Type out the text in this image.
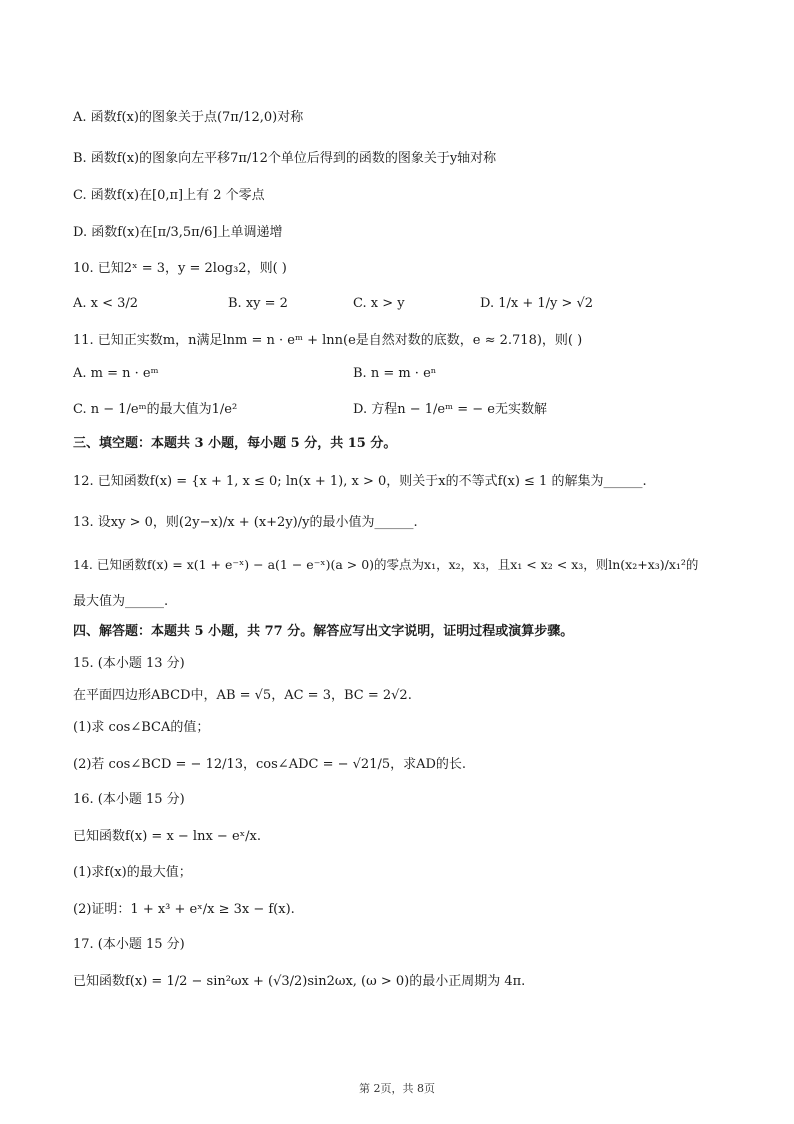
A. 函数f(x)的图象关于点(7π/12,0)对称
B. 函数f(x)的图象向左平移7π/12个单位后得到的函数的图象关于y轴对称
C. 函数f(x)在[0,π]上有 2 个零点
D. 函数f(x)在[π/3,5π/6]上单调递增
10. 已知2ˣ = 3，y = 2log₃2，则( )
A. x < 3/2	B. xy = 2	C. x > y	D. 1/x + 1/y > √2
11. 已知正实数m，n满足lnm = n · eᵐ + lnn(e是自然对数的底数，e ≈ 2.718)，则( )
A. m = n · eᵐ	B. n = m · eⁿ
C. n − 1/eᵐ的最大值为1/e²	D. 方程n − 1/eᵐ = − e无实数解
三、填空题：本题共 3 小题，每小题 5 分，共 15 分。
12. 已知函数f(x) = {x + 1, x ≤ 0; ln(x + 1), x > 0，则关于x的不等式f(x) ≤ 1 的解集为______.
13. 设xy > 0，则(2y−x)/x + (x+2y)/y的最小值为______.
14. 已知函数f(x) = x(1 + e⁻ˣ) − a(1 − e⁻ˣ)(a > 0)的零点为x₁，x₂，x₃，且x₁ < x₂ < x₃，则ln(x₂+x₃)/x₁²的
最大值为______.
四、解答题：本题共 5 小题，共 77 分。解答应写出文字说明，证明过程或演算步骤。
15. (本小题 13 分)
在平面四边形ABCD中，AB = √5，AC = 3，BC = 2√2.
(1)求 cos∠BCA的值；
(2)若 cos∠BCD = − 12/13，cos∠ADC = − √21/5，求AD的长.
16. (本小题 15 分)
已知函数f(x) = x − lnx − eˣ/x.
(1)求f(x)的最大值；
(2)证明：1 + x³ + eˣ/x ≥ 3x − f(x).
17. (本小题 15 分)
已知函数f(x) = 1/2 − sin²ωx + (√3/2)sin2ωx, (ω > 0)的最小正周期为 4π.
第 2页，共 8页
